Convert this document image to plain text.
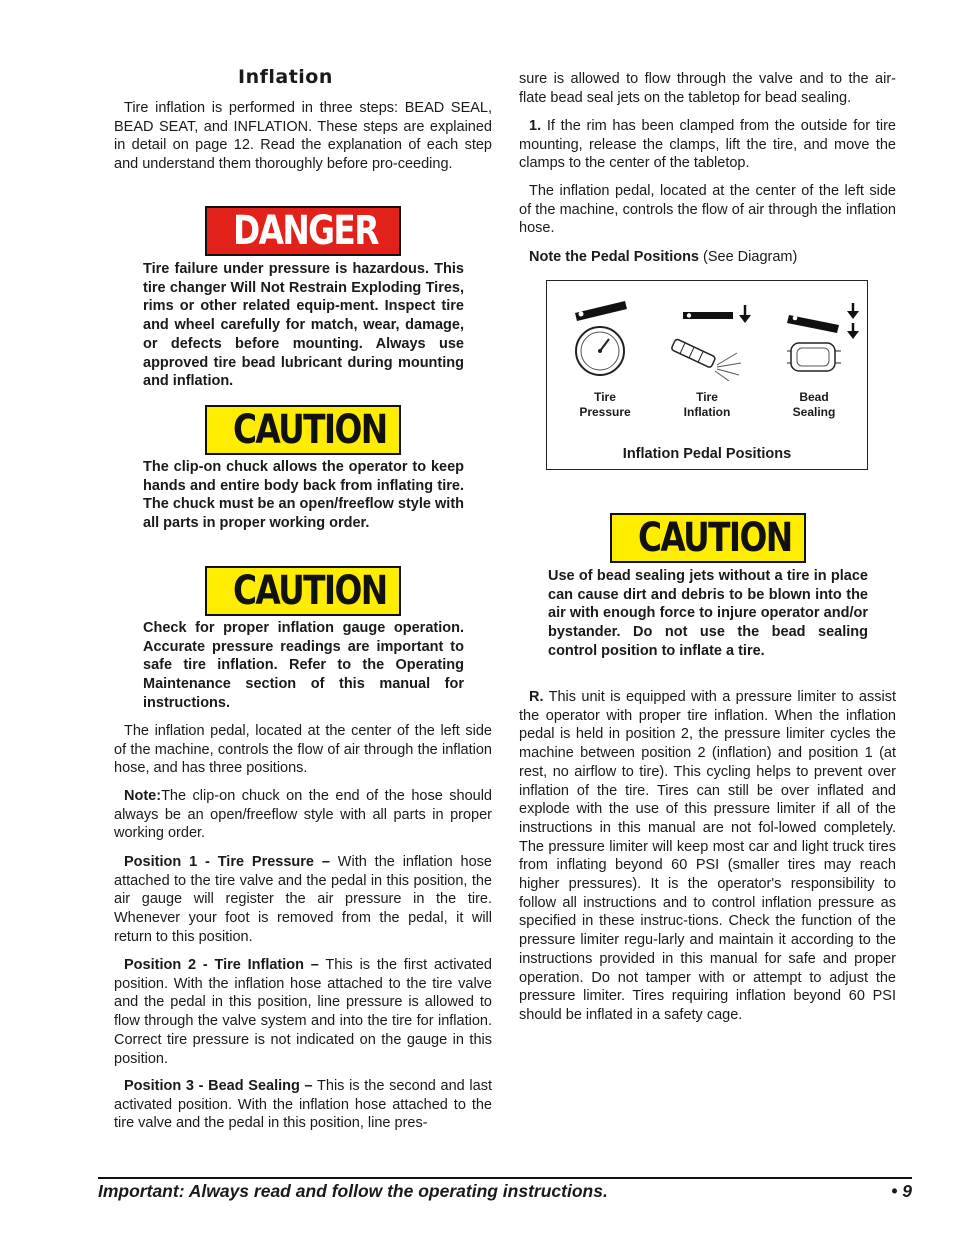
Inflation

Tire inflation is performed in three steps: BEAD SEAL, BEAD SEAT, and INFLATION. These steps are explained in detail on page 12. Read the explanation of each step and understand them thoroughly before pro-ceeding.

DANGER

Tire failure under pressure is hazardous. This tire changer Will Not Restrain Exploding Tires, rims or other related equip-ment. Inspect tire and wheel carefully for match, wear, damage, or defects before mounting. Always use approved tire bead lubricant during mounting and inflation.

CAUTION

The clip-on chuck allows the operator to keep hands and entire body back from inflating tire. The chuck must be an open/freeflow style with all parts in proper working order.

CAUTION

Check for proper inflation gauge operation. Accurate pressure readings are important to safe tire inflation. Refer to the Operating Maintenance section of this manual for instructions.

The inflation pedal, located at the center of the left side of the machine, controls the flow of air through the inflation hose, and has three positions.

Note:The clip-on chuck on the end of the hose should always be an open/freeflow style with all parts in proper working order.

Position 1 - Tire Pressure – With the inflation hose attached to the tire valve and the pedal in this position, the air gauge will register the air pressure in the tire. Whenever your foot is removed from the pedal, it will return to this position.

Position 2 - Tire Inflation – This is the first activated position. With the inflation hose attached to the tire valve and the pedal in this position, line pressure is allowed to flow through the valve system and into the tire for inflation. Correct tire pressure is not indicated on the gauge in this position.

Position 3 - Bead Sealing – This is the second and last activated position. With the inflation hose attached to the tire valve and the pedal in this position, line pres-

sure is allowed to flow through the valve and to the air-flate bead seal jets on the tabletop for bead sealing.

1. If the rim has been clamped from the outside for tire mounting, release the clamps, lift the tire, and move the clamps to the center of the tabletop.

The inflation pedal, located at the center of the left side of the machine, controls the flow of air through the inflation hose.

Note the Pedal Positions (See Diagram)

Tire
Pressure
Tire
Inflation
Bead
Sealing
Inflation Pedal Positions
CAUTION

Use of bead sealing jets without a tire in place can cause dirt and debris to be blown into the air with enough force to injure operator and/or bystander. Do not use the bead sealing control position to inflate a tire.

R. This unit is equipped with a pressure limiter to assist the operator with proper tire inflation. When the inflation pedal is held in position 2, the pressure limiter cycles the machine between position 2 (inflation) and position 1 (at rest, no airflow to tire). This cycling helps to prevent over inflation of the tire. Tires can still be over inflated and explode with the use of this pressure limiter if all of the instructions in this manual are not fol-lowed completely. The pressure limiter will keep most car and light truck tires from inflating beyond 60 PSI (smaller tires may reach higher pressures). It is the operator's responsibility to follow all instructions and to control inflation pressure as specified in these instruc-tions. Check the function of the pressure limiter regu-larly and maintain it according to the instructions provided in this manual for safe and proper operation. Do not tamper with or attempt to adjust the pressure limiter. Tires requiring inflation beyond 60 PSI should be inflated in a safety cage.

Important: Always read and follow the operating instructions.	• 9
